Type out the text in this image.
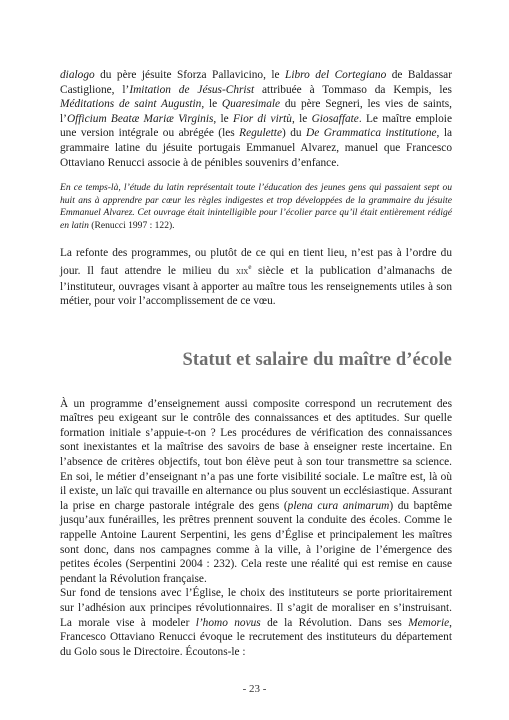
dialogo du père jésuite Sforza Pallavicino, le Libro del Cortegiano de Baldassar Castiglione, l’Imitation de Jésus-Christ attribuée à Tommaso da Kempis, les Méditations de saint Augustin, le Quaresimale du père Segneri, les vies de saints, l’Officium Beatæ Mariæ Virginis, le Fior di virtù, le Giosaffate. Le maître emploie une version intégrale ou abrégée (les Regulette) du De Grammatica institutione, la grammaire latine du jésuite portugais Emmanuel Alvarez, manuel que Francesco Ottaviano Renucci associe à de pénibles souvenirs d’enfance.

En ce temps-là, l’étude du latin représentait toute l’éducation des jeunes gens qui passaient sept ou huit ans à apprendre par cœur les règles indigestes et trop développées de la grammaire du jésuite Emmanuel Alvarez. Cet ouvrage était inintelligible pour l’écolier parce qu’il était entièrement rédigé en latin (Renucci 1997 : 122).

La refonte des programmes, ou plutôt de ce qui en tient lieu, n’est pas à l’ordre du jour. Il faut attendre le milieu du xix$^e$ siècle et la publication d’almanachs de l’instituteur, ouvrages visant à apporter au maître tous les renseignements utiles à son métier, pour voir l’accomplissement de ce vœu.

Statut et salaire du maître d’école

À un programme d’enseignement aussi composite correspond un recrutement des maîtres peu exigeant sur le contrôle des connaissances et des aptitudes. Sur quelle formation initiale s’appuie-t-on ? Les procédures de vérification des connaissances sont inexistantes et la maîtrise des savoirs de base à enseigner reste incertaine. En l’absence de critères objectifs, tout bon élève peut à son tour transmettre sa science. En soi, le métier d’enseignant n’a pas une forte visibilité sociale. Le maître est, là où il existe, un laïc qui travaille en alternance ou plus souvent un ecclésiastique. Assurant la prise en charge pastorale intégrale des gens (plena cura animarum) du baptême jusqu’aux funérailles, les prêtres prennent souvent la conduite des écoles. Comme le rappelle Antoine Laurent Serpentini, les gens d’Église et principalement les maîtres sont donc, dans nos campagnes comme à la ville, à l’origine de l’émergence des petites écoles (Serpentini 2004 : 232). Cela reste une réalité qui est remise en cause pendant la Révolution française.

Sur fond de tensions avec l’Église, le choix des instituteurs se porte prioritairement sur l’adhésion aux principes révolutionnaires. Il s’agit de moraliser en s’instruisant. La morale vise à modeler l’homo novus de la Révolution. Dans ses Memorie, Francesco Ottaviano Renucci évoque le recrutement des instituteurs du département du Golo sous le Directoire. Écoutons-le :

- 23 -
